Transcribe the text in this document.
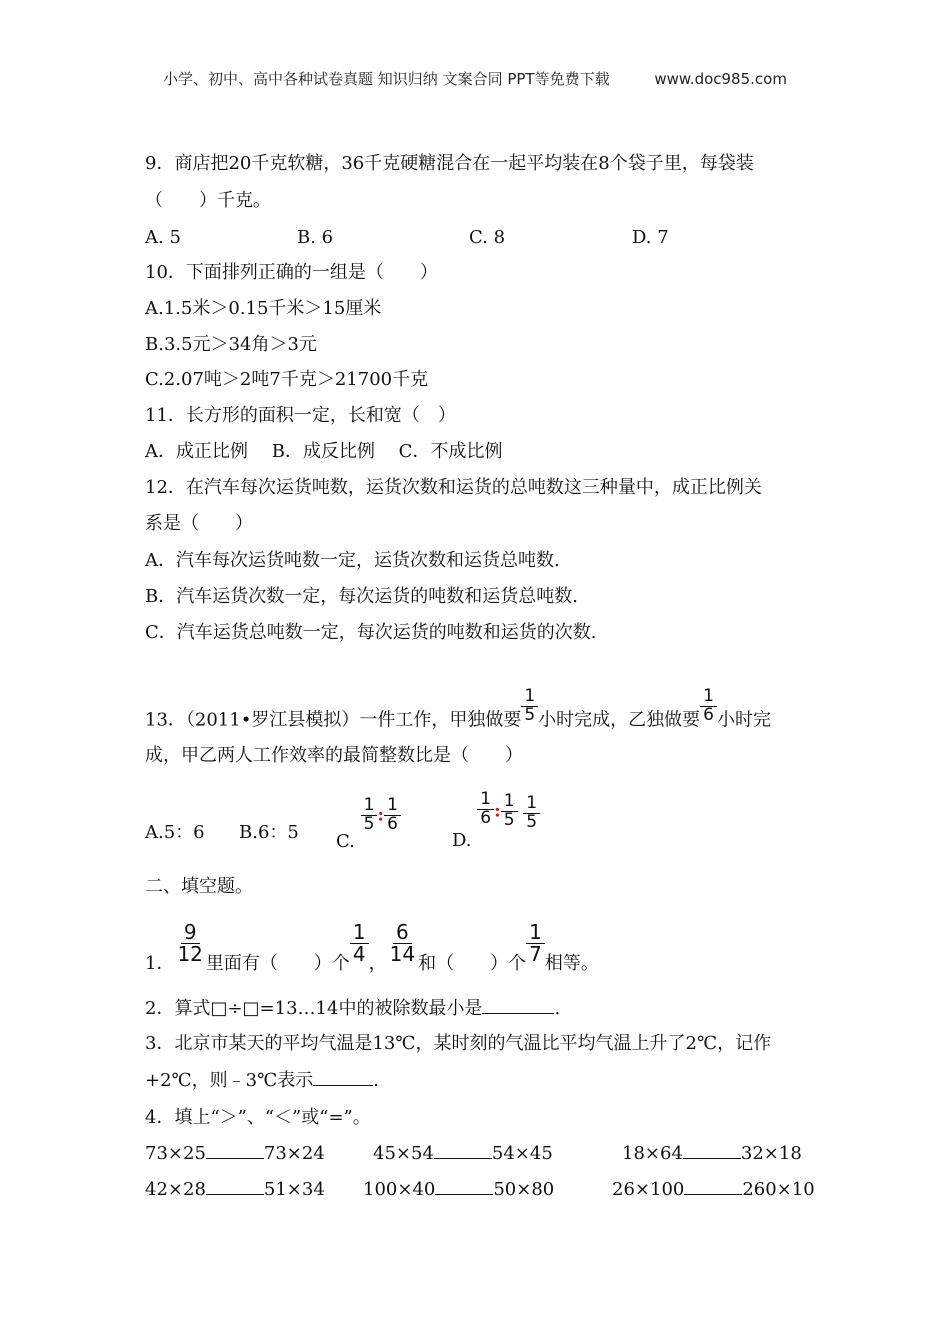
小学、初中、高中各种试卷真题 知识归纳 文案合同 PPT等免费下载	www.doc985.com
9．商店把20千克软糖，36千克硬糖混合在一起平均装在8个袋子里，每袋装
（　　）千克。
A. 5	B. 6	C. 8	D. 7
10．下面排列正确的一组是（　　）
A.1.5米＞0.15千米＞15厘米
B.3.5元＞34角＞3元
C.2.07吨＞2吨7千克＞21700千克
11．长方形的面积一定，长和宽（　）
A．成正比例　 B．成反比例　 C．不成比例
12．在汽车每次运货吨数，运货次数和运货的总吨数这三种量中，成正比例关
系是（　　）
A．汽车每次运货吨数一定，运货次数和运货总吨数.
B．汽车运货次数一定，每次运货的吨数和运货总吨数.
C．汽车运货总吨数一定，每次运货的吨数和运货的次数.
13．（2011•罗江县模拟）一件工作，甲独做要 $\frac{1}{5}$ 小时完成，乙独做要 $\frac{1}{6}$ 小时完
成，甲乙两人工作效率的最简整数比是（　　）
A.5：6 B.6：5 C.
$\frac{1}{5}$ : $\frac{1}{6}$
D.
$\frac{1}{6}$ : $\frac{1}{5}$
$\frac{1}{5}$
二、填空题。
1． $\frac{9}{12}$ 里面有（　　）个 $\frac{1}{4}$ ， $\frac{6}{14}$ 和（　　）个 $\frac{1}{7}$ 相等。
2．算式□÷□=13…14中的被除数最小是	.
3．北京市某天的平均气温是13℃，某时刻的气温比平均气温上升了2℃，记作
+2℃，则﹣3℃表示	.
4．填上“＞”、“＜”或“=”。
73×25	73×24	45×54	54×45	18×64	32×18
42×28	51×34 100×40	50×80	26×100	260×10
